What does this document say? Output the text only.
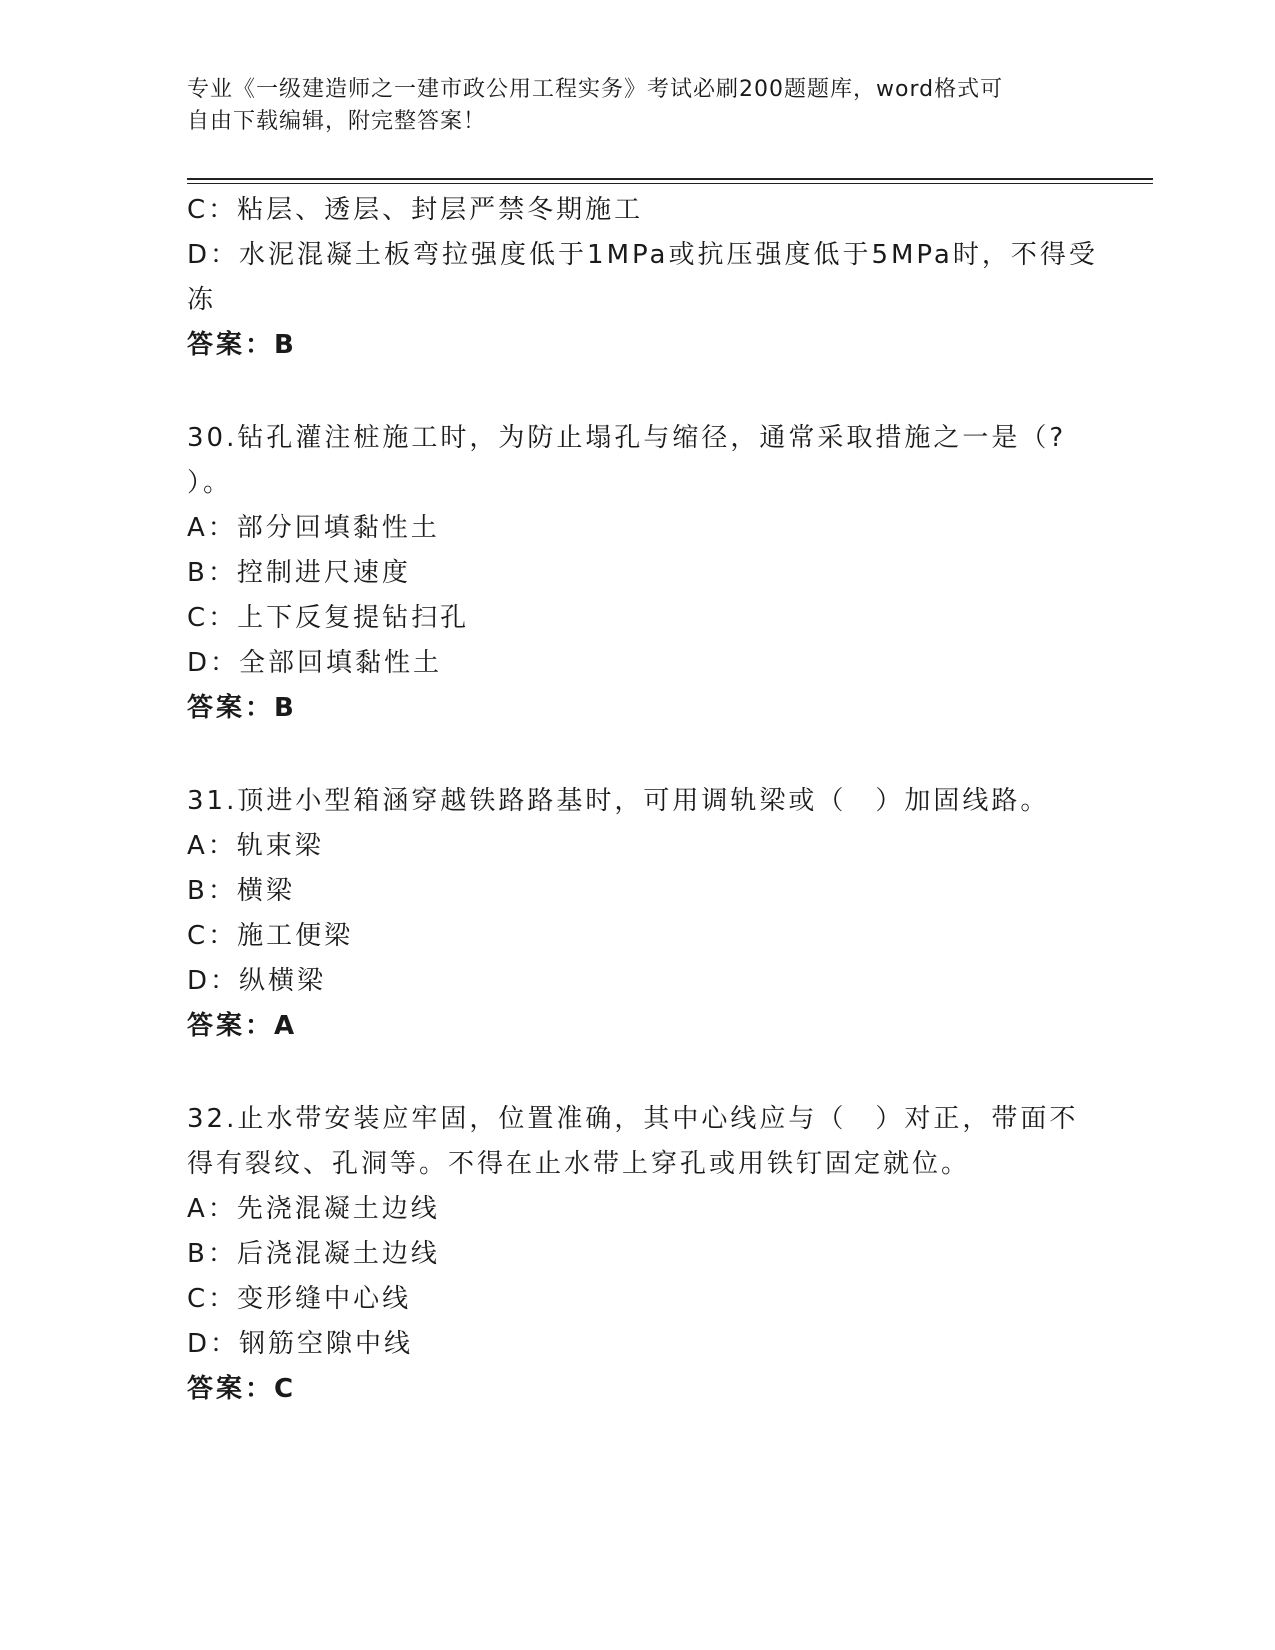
专业《一级建造师之一建市政公用工程实务》考试必刷200题题库，word格式可
自由下载编辑，附完整答案！
C：粘层、透层、封层严禁冬期施工
D：水泥混凝土板弯拉强度低于1MPa或抗压强度低于5MPa时，不得受
冻
答案：B
30.钻孔灌注桩施工时，为防止塌孔与缩径，通常采取措施之一是（?
）。
A：部分回填黏性土
B：控制进尺速度
C：上下反复提钻扫孔
D：全部回填黏性土
答案：B
31.顶进小型箱涵穿越铁路路基时，可用调轨梁或（　）加固线路。
A：轨束梁
B：横梁
C：施工便梁
D：纵横梁
答案：A
32.止水带安装应牢固，位置准确，其中心线应与（　）对正，带面不
得有裂纹、孔洞等。不得在止水带上穿孔或用铁钉固定就位。
A：先浇混凝土边线
B：后浇混凝土边线
C：变形缝中心线
D：钢筋空隙中线
答案：C
